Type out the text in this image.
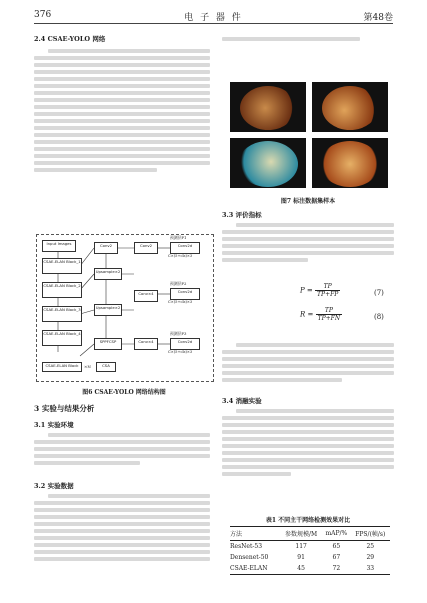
376	电 子 器 件	第48卷
2.4 CSAE-YOLO 网络
Input Images
CSAE-ELAN Block_1
CSAE-ELAN Block_2
CSAE-ELAN Block_3
CSAE-ELAN Block_4
SPPFCSP
Conv2
Upsample×2
Upsample×2
Conv2
Conv×4
Conv×4
Conv2d
Conv2d
Conv2d
预测层P1
预测层P2
预测层P3
C×(5+cls)×3
C×(5+cls)×3
C×(5+cls)×3
CSAE-ELAN Block	×N	CSA
图6 CSAE-YOLO 网络结构图
3 实验与结果分析
3.1 实验环境
3.2 实验数据
图7 标注数据集样本
3.3 评价指标
$P = \frac{TP}{TP+FP}$	(7)
$R = \frac{TP}{TP+FN}$	(8)
3.4 消融实验
表1 不同主干网络检测效果对比
方法	参数规模/M	mAP/%	FPS/(帧/s)
ResNet-53	117	65	25
Densenet-50	91	67	29
CSAE-ELAN	45	72	33
